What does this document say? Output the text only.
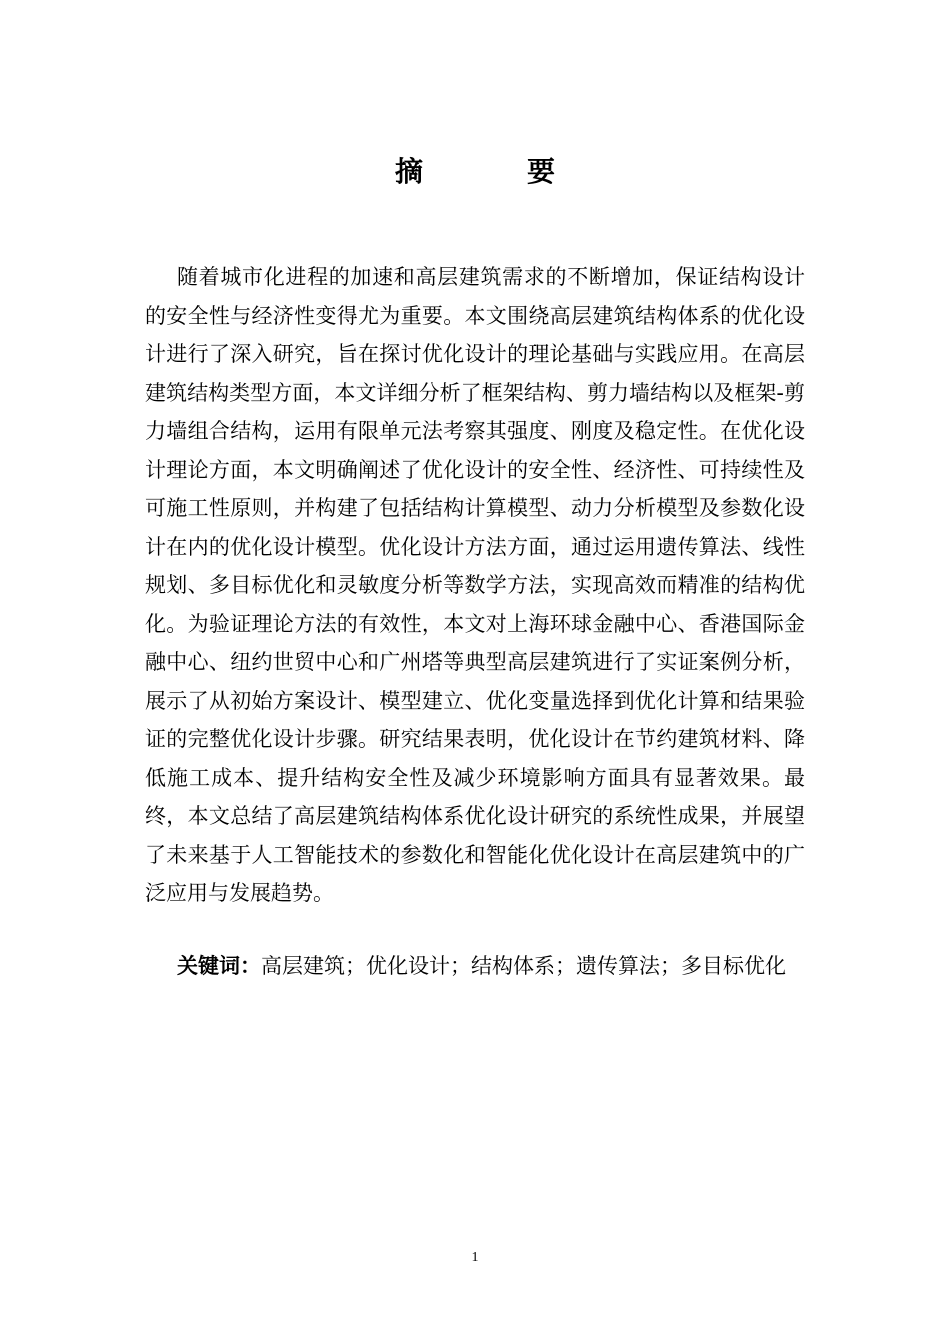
摘　要

随着城市化进程的加速和高层建筑需求的不断增加，保证结构设计的安全性与经济性变得尤为重要。本文围绕高层建筑结构体系的优化设计进行了深入研究，旨在探讨优化设计的理论基础与实践应用。在高层建筑结构类型方面，本文详细分析了框架结构、剪力墙结构以及框架-剪力墙组合结构，运用有限单元法考察其强度、刚度及稳定性。在优化设计理论方面，本文明确阐述了优化设计的安全性、经济性、可持续性及可施工性原则，并构建了包括结构计算模型、动力分析模型及参数化设计在内的优化设计模型。优化设计方法方面，通过运用遗传算法、线性规划、多目标优化和灵敏度分析等数学方法，实现高效而精准的结构优化。为验证理论方法的有效性，本文对上海环球金融中心、香港国际金融中心、纽约世贸中心和广州塔等典型高层建筑进行了实证案例分析，展示了从初始方案设计、模型建立、优化变量选择到优化计算和结果验证的完整优化设计步骤。研究结果表明，优化设计在节约建筑材料、降低施工成本、提升结构安全性及减少环境影响方面具有显著效果。最终，本文总结了高层建筑结构体系优化设计研究的系统性成果，并展望了未来基于人工智能技术的参数化和智能化优化设计在高层建筑中的广泛应用与发展趋势。

关键词：高层建筑；优化设计；结构体系；遗传算法；多目标优化

1
